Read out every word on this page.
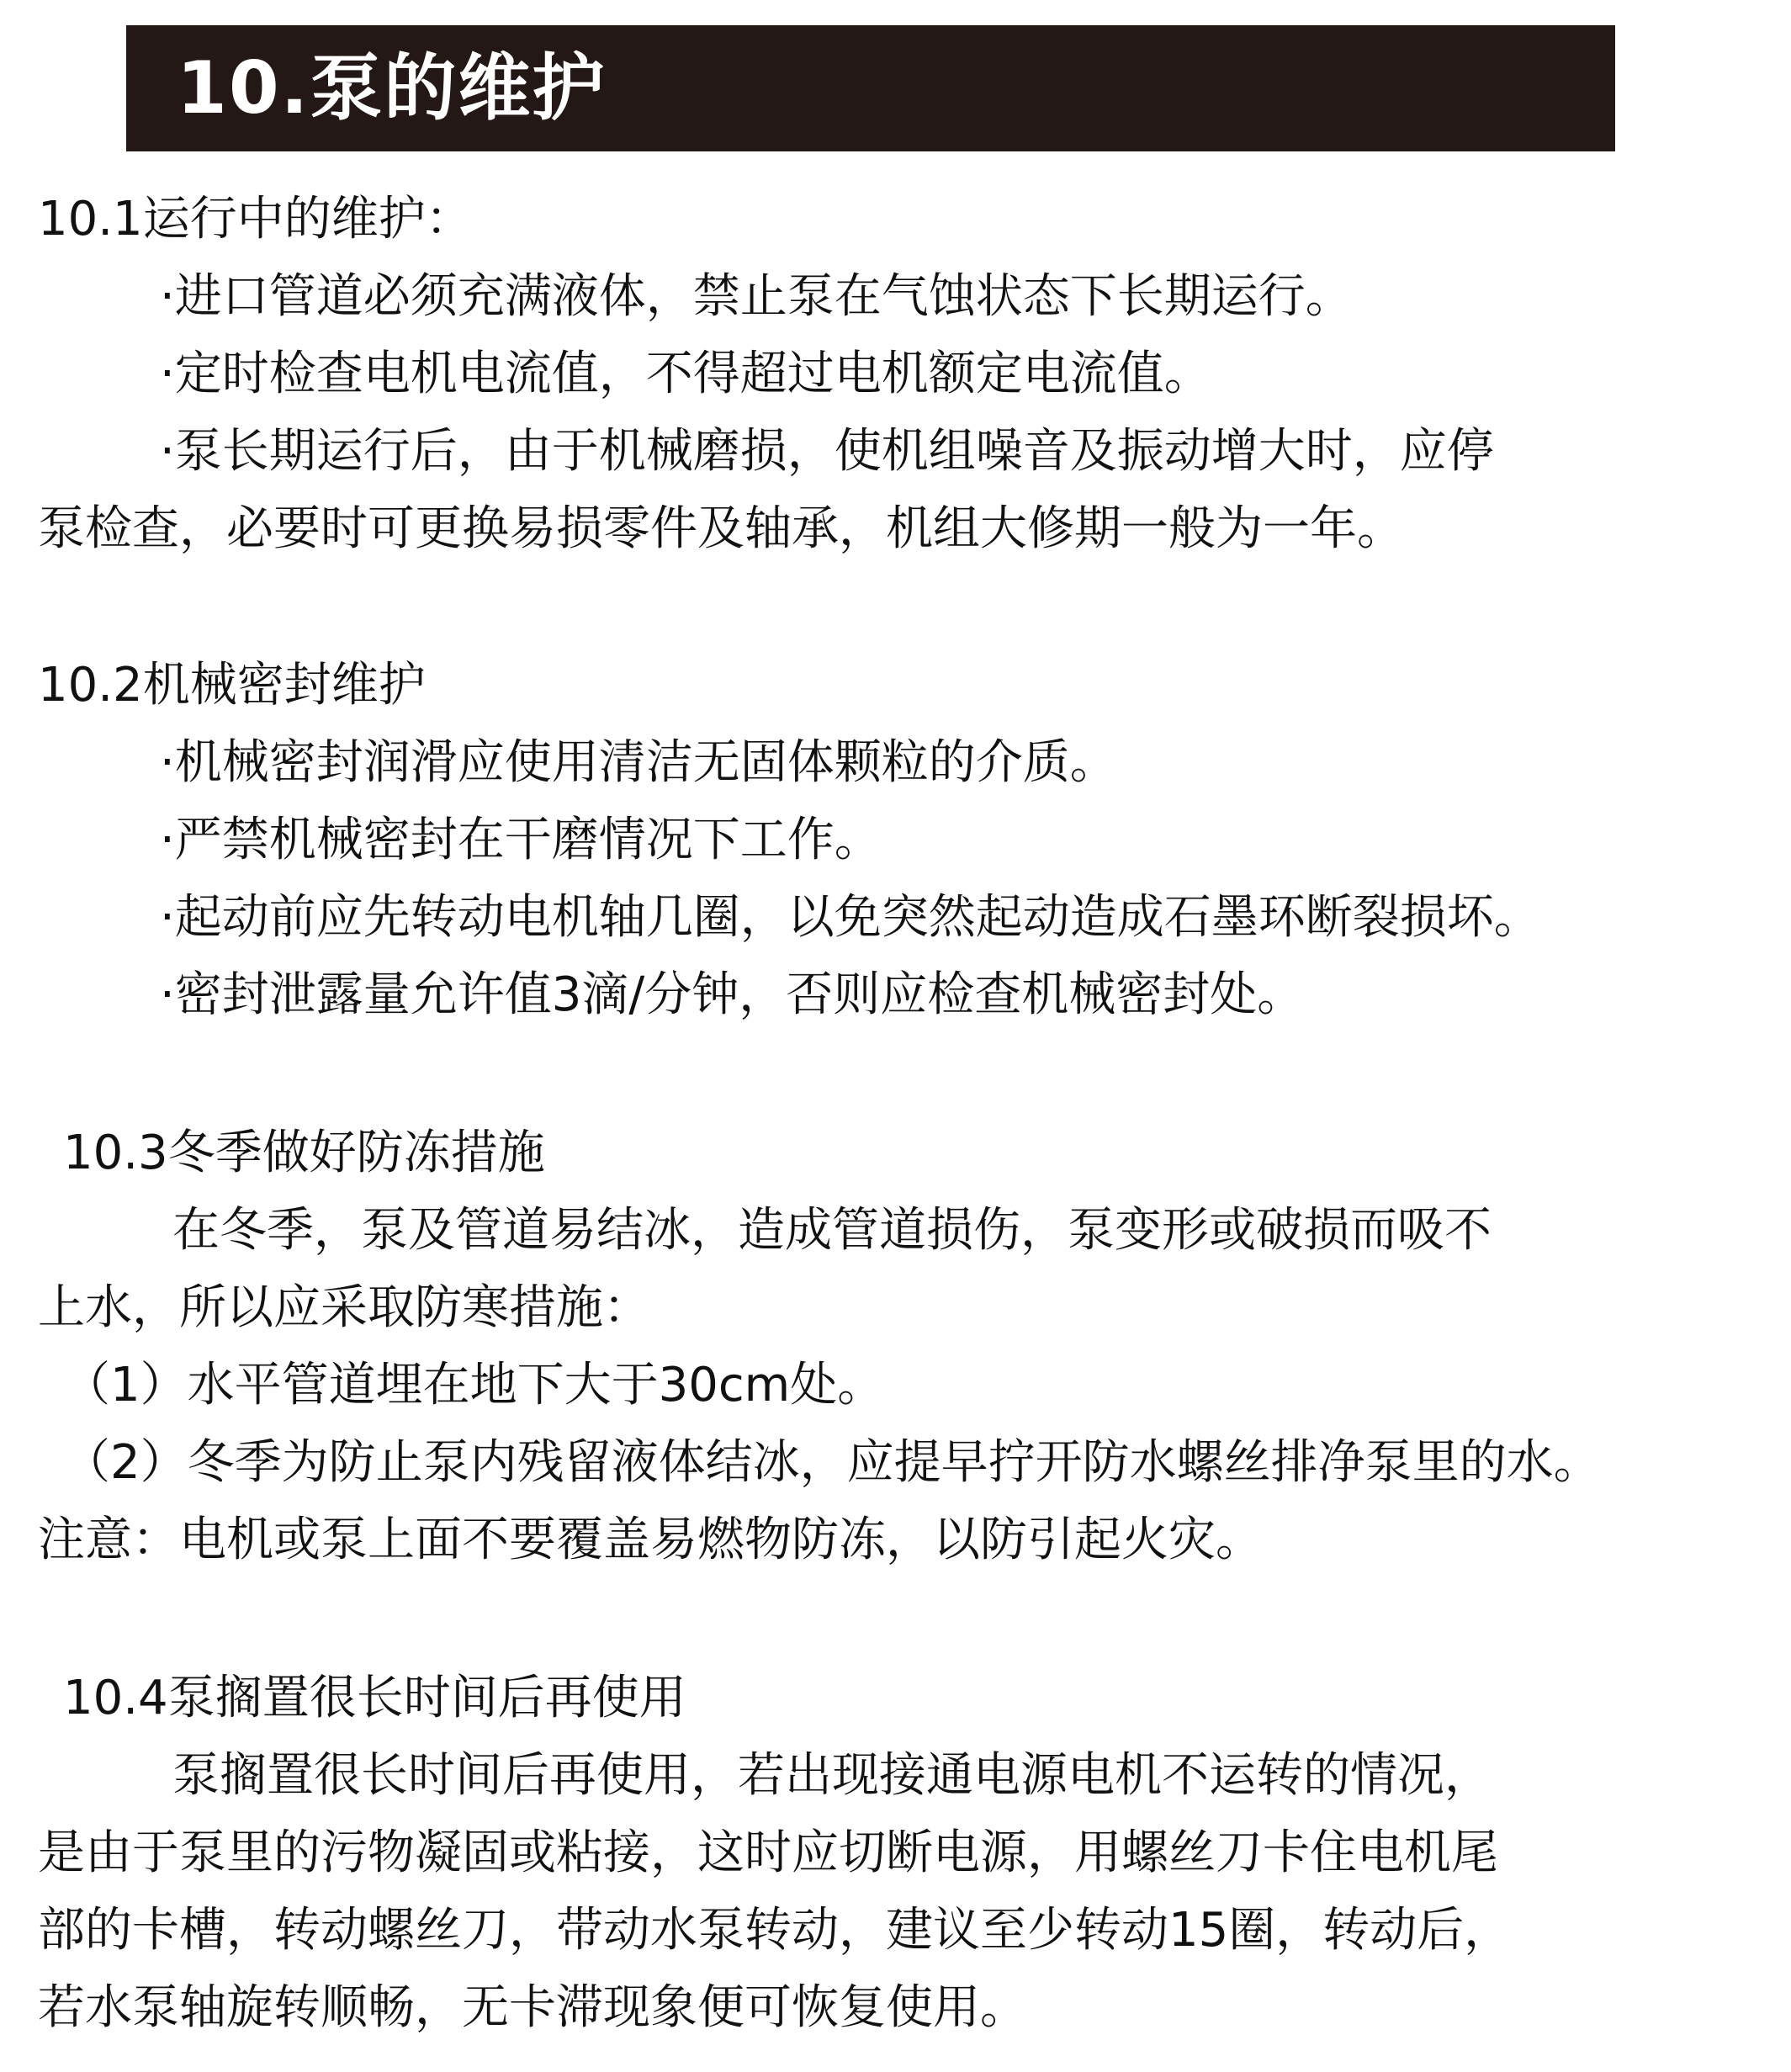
10.泵的维护
10.1运行中的维护：
·进口管道必须充满液体，禁止泵在气蚀状态下长期运行。
·定时检查电机电流值，不得超过电机额定电流值。
·泵长期运行后，由于机械磨损，使机组噪音及振动增大时，应停
泵检查，必要时可更换易损零件及轴承，机组大修期一般为一年。
10.2机械密封维护
·机械密封润滑应使用清洁无固体颗粒的介质。
·严禁机械密封在干磨情况下工作。
·起动前应先转动电机轴几圈，以免突然起动造成石墨环断裂损坏。
·密封泄露量允许值3滴/分钟，否则应检查机械密封处。
10.3冬季做好防冻措施
在冬季，泵及管道易结冰，造成管道损伤，泵变形或破损而吸不
上水，所以应采取防寒措施：
（1）水平管道埋在地下大于30cm处。
（2）冬季为防止泵内残留液体结冰，应提早拧开防水螺丝排净泵里的水。
注意：电机或泵上面不要覆盖易燃物防冻，以防引起火灾。
10.4泵搁置很长时间后再使用
泵搁置很长时间后再使用，若出现接通电源电机不运转的情况，
是由于泵里的污物凝固或粘接，这时应切断电源，用螺丝刀卡住电机尾
部的卡槽，转动螺丝刀，带动水泵转动，建议至少转动15圈，转动后，
若水泵轴旋转顺畅，无卡滞现象便可恢复使用。
